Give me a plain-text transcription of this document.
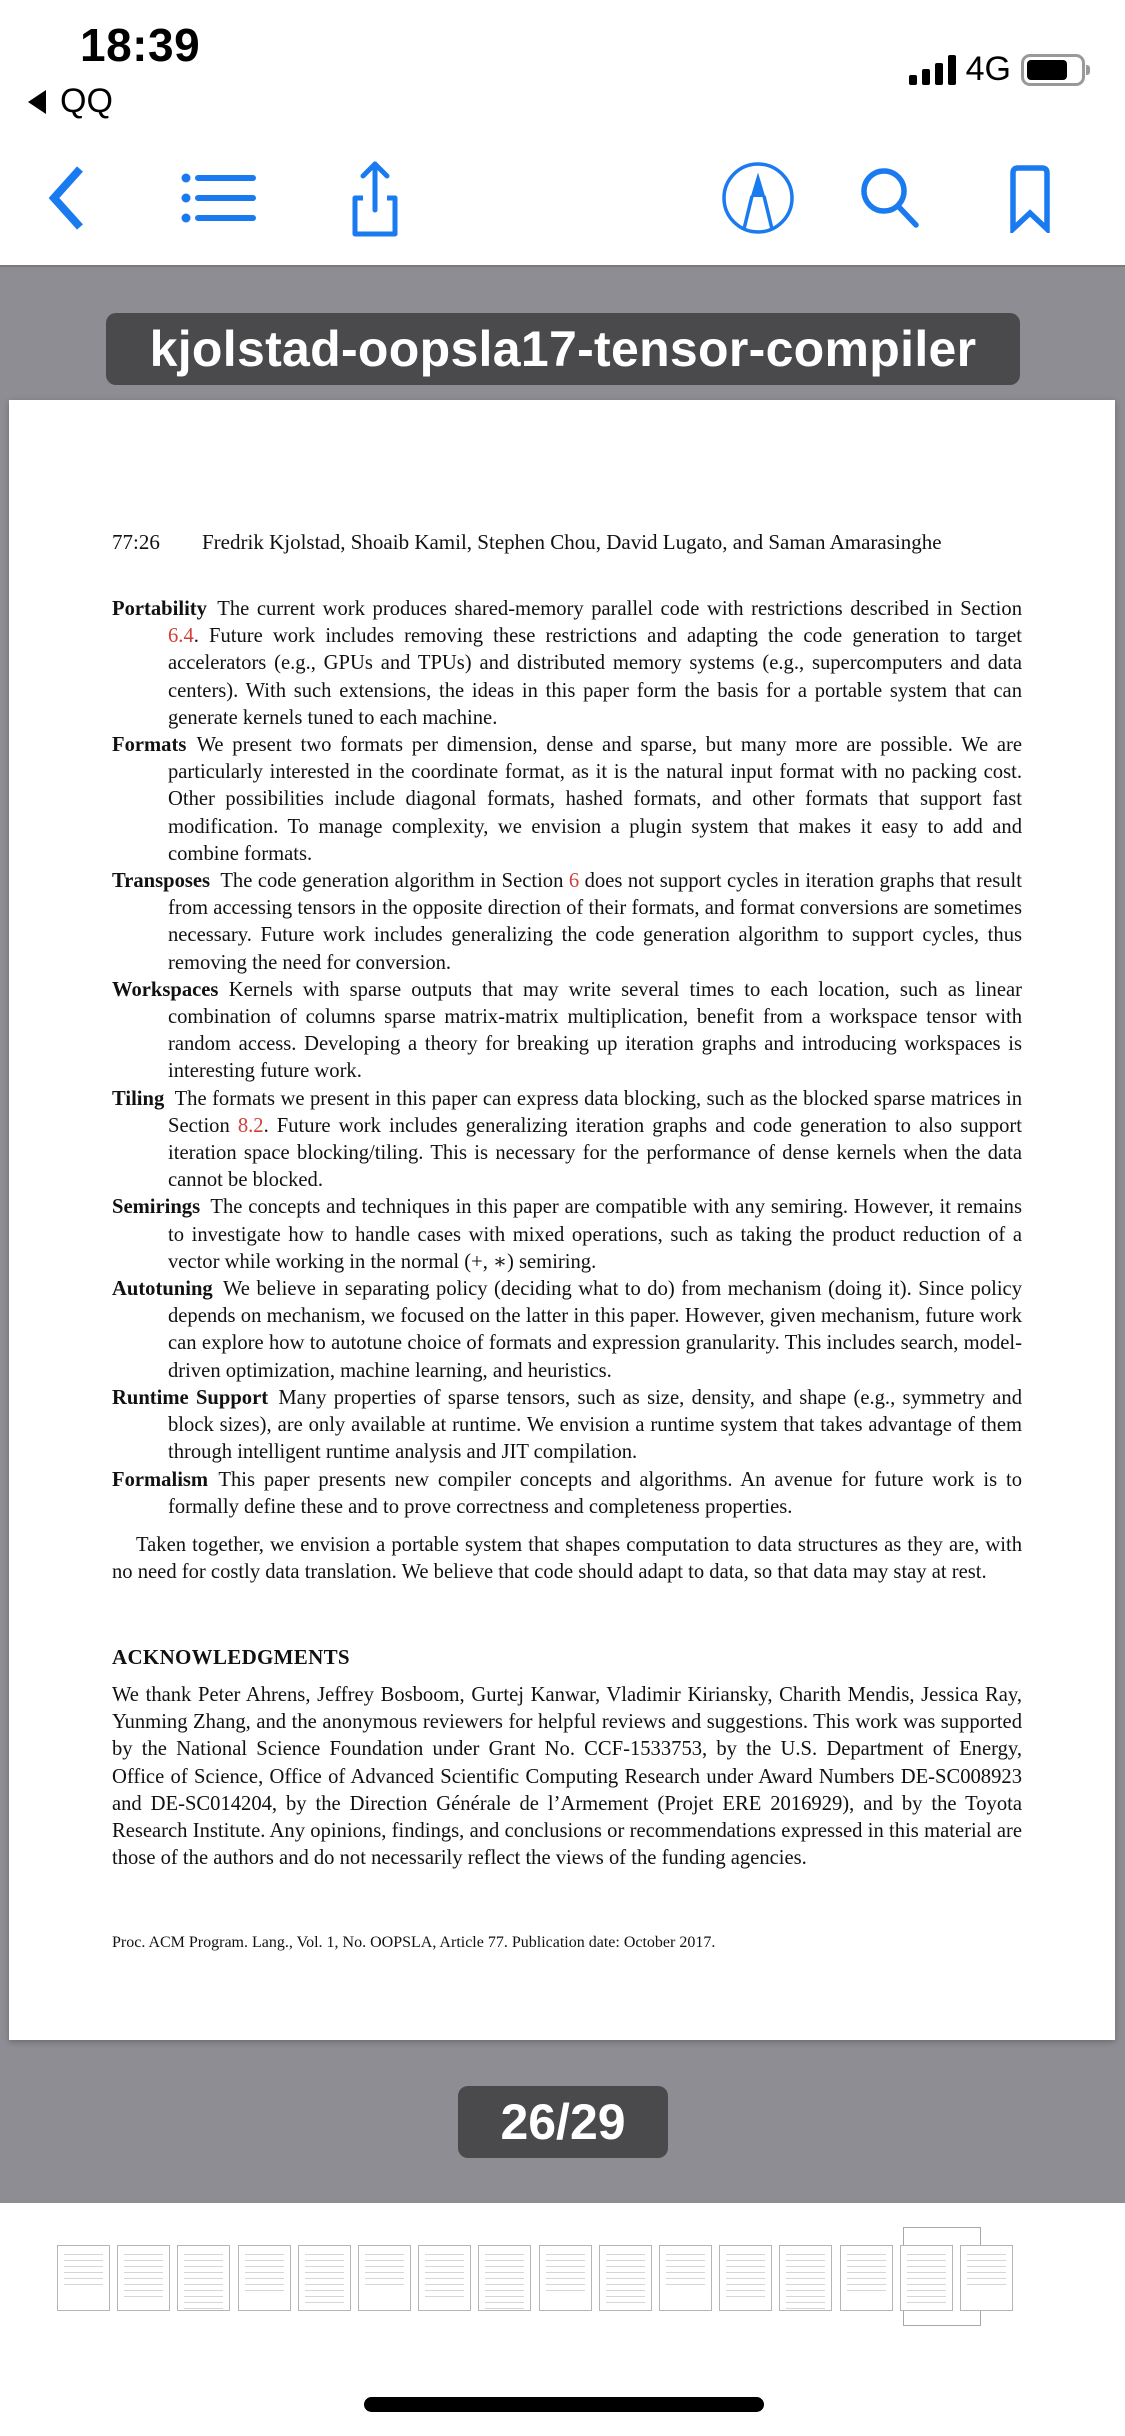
18:39
QQ
4G
kjolstad-oopsla17-tensor-compiler
77:26	Fredrik Kjolstad, Shoaib Kamil, Stephen Chou, David Lugato, and Saman Amarasinghe
Portability The current work produces shared-memory parallel code with restrictions described in Section 6.4. Future work includes removing these restrictions and adapting the code generation to target accelerators (e.g., GPUs and TPUs) and distributed memory systems (e.g., supercomputers and data centers). With such extensions, the ideas in this paper form the basis for a portable system that can generate kernels tuned to each machine.
Formats We present two formats per dimension, dense and sparse, but many more are possible. We are particularly interested in the coordinate format, as it is the natural input format with no packing cost. Other possibilities include diagonal formats, hashed formats, and other formats that support fast modification. To manage complexity, we envision a plugin system that makes it easy to add and combine formats.
Transposes The code generation algorithm in Section 6 does not support cycles in iteration graphs that result from accessing tensors in the opposite direction of their formats, and format conversions are sometimes necessary. Future work includes generalizing the code generation algorithm to support cycles, thus removing the need for conversion.
Workspaces Kernels with sparse outputs that may write several times to each location, such as linear combination of columns sparse matrix-matrix multiplication, benefit from a workspace tensor with random access. Developing a theory for breaking up iteration graphs and introducing workspaces is interesting future work.
Tiling The formats we present in this paper can express data blocking, such as the blocked sparse matrices in Section 8.2. Future work includes generalizing iteration graphs and code generation to also support iteration space blocking/tiling. This is necessary for the performance of dense kernels when the data cannot be blocked.
Semirings The concepts and techniques in this paper are compatible with any semiring. However, it remains to investigate how to handle cases with mixed operations, such as taking the product reduction of a vector while working in the normal (+, ∗) semiring.
Autotuning We believe in separating policy (deciding what to do) from mechanism (doing it). Since policy depends on mechanism, we focused on the latter in this paper. However, given mechanism, future work can explore how to autotune choice of formats and expression granularity. This includes search, model-driven optimization, machine learning, and heuristics.
Runtime Support Many properties of sparse tensors, such as size, density, and shape (e.g., symmetry and block sizes), are only available at runtime. We envision a runtime system that takes advantage of them through intelligent runtime analysis and JIT compilation.
Formalism This paper presents new compiler concepts and algorithms. An avenue for future work is to formally define these and to prove correctness and completeness properties.
Taken together, we envision a portable system that shapes computation to data structures as they are, with no need for costly data translation. We believe that code should adapt to data, so that data may stay at rest.
ACKNOWLEDGMENTS
We thank Peter Ahrens, Jeffrey Bosboom, Gurtej Kanwar, Vladimir Kiriansky, Charith Mendis, Jessica Ray, Yunming Zhang, and the anonymous reviewers for helpful reviews and suggestions. This work was supported by the National Science Foundation under Grant No. CCF-1533753, by the U.S. Department of Energy, Office of Science, Office of Advanced Scientific Computing Research under Award Numbers DE-SC008923 and DE-SC014204, by the Direction Générale de l’Armement (Projet ERE 2016929), and by the Toyota Research Institute. Any opinions, findings, and conclusions or recommendations expressed in this material are those of the authors and do not necessarily reflect the views of the funding agencies.
Proc. ACM Program. Lang., Vol. 1, No. OOPSLA, Article 77. Publication date: October 2017.
26/29
